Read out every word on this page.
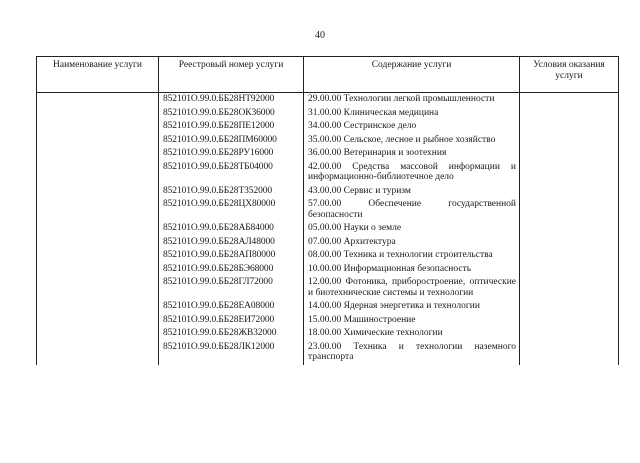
40
Наименование услуги	Реестровый номер услуги	Содержание услуги	Условия оказания услуги
	852101О.99.0.ББ28НТ92000	29.00.00 Технологии легкой промышленности	
	852101О.99.0.ББ28ОК36000	31.00.00 Клиническая медицина	
	852101О.99.0.ББ28ПЕ12000	34.00.00 Сестринское дело	
	852101О.99.0.ББ28ПМ60000	35.00.00 Сельское, лесное и рыбное хозяйство	
	852101О.99.0.ББ28РУ16000	36.00.00 Ветеринария и зоотехния	
	852101О.99.0.ББ28ТБ04000	42.00.00 Средства массовой информации и информационно-библиотечное дело	
	852101О.99.0.ББ28Т352000	43.00.00 Сервис и туризм	
	852101О.99.0.ББ28ЦХ80000	57.00.00 Обеспечение государственной безопасности	
	852101О.99.0.ББ28АБ84000	05.00.00 Науки о земле	
	852101О.99.0.ББ28АЛ48000	07.00.00 Архитектура	
	852101О.99.0.ББ28АП80000	08.00.00 Техника и технологии строительства	
	852101О.99.0.ББ28БЭ68000	10.00.00 Информационная безопасность	
	852101О.99.0.ББ28ГЛ72000	12.00.00 Фотоника, приборостроение, оптические и биотехнические системы и технологии	
	852101О.99.0.ББ28ЕА08000	14.00.00 Ядерная энергетика и технологии	
	852101О.99.0.ББ28ЕИ72000	15.00.00 Машиностроение	
	852101О.99.0.ББ28ЖВ32000	18.00.00 Химические технологии	
	852101О.99.0.ББ28ЛК12000	23.00.00 Техника и технологии наземного транспорта	
